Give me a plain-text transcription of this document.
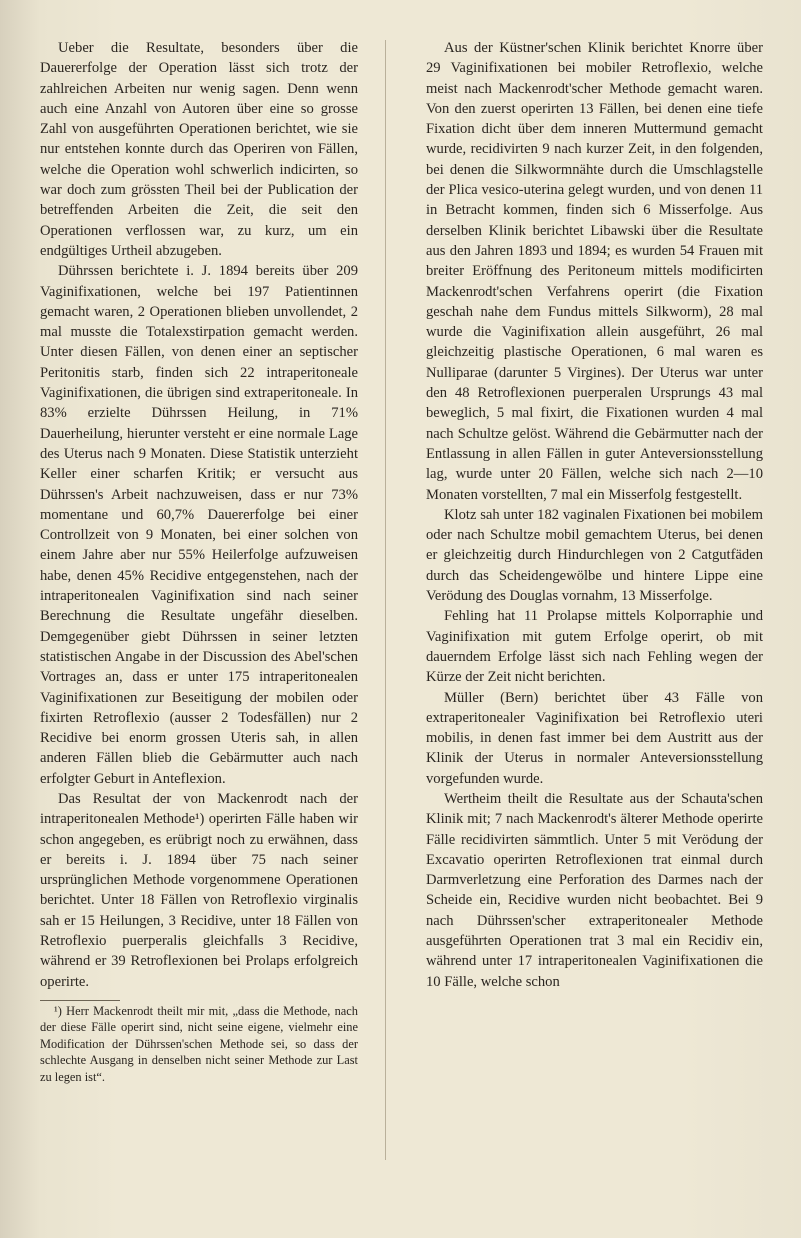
Ueber die Resultate, besonders über die Dauererfolge der Operation lässt sich trotz der zahlreichen Arbeiten nur wenig sagen. Denn wenn auch eine Anzahl von Autoren über eine so grosse Zahl von ausgeführten Operationen berichtet, wie sie nur entstehen konnte durch das Operiren von Fällen, welche die Operation wohl schwerlich indicirten, so war doch zum grössten Theil bei der Publication der betreffenden Arbeiten die Zeit, die seit den Operationen verflossen war, zu kurz, um ein endgültiges Urtheil abzugeben.

Dührssen berichtete i. J. 1894 bereits über 209 Vaginifixationen, welche bei 197 Patientinnen gemacht waren, 2 Operationen blieben unvollendet, 2 mal musste die Totalexstirpation gemacht werden. Unter diesen Fällen, von denen einer an septischer Peritonitis starb, finden sich 22 intraperitoneale Vaginifixationen, die übrigen sind extraperitoneale. In 83% erzielte Dührssen Heilung, in 71% Dauerheilung, hierunter versteht er eine normale Lage des Uterus nach 9 Monaten. Diese Statistik unterzieht Keller einer scharfen Kritik; er versucht aus Dührssen's Arbeit nachzuweisen, dass er nur 73% momentane und 60,7% Dauererfolge bei einer Controllzeit von 9 Monaten, bei einer solchen von einem Jahre aber nur 55% Heilerfolge aufzuweisen habe, denen 45% Recidive entgegenstehen, nach der intraperitonealen Vaginifixation sind nach seiner Berechnung die Resultate ungefähr dieselben. Demgegenüber giebt Dührssen in seiner letzten statistischen Angabe in der Discussion des Abel'schen Vortrages an, dass er unter 175 intraperitonealen Vaginifixationen zur Beseitigung der mobilen oder fixirten Retroflexio (ausser 2 Todesfällen) nur 2 Recidive bei enorm grossen Uteris sah, in allen anderen Fällen blieb die Gebärmutter auch nach erfolgter Geburt in Anteflexion.

Das Resultat der von Mackenrodt nach der intraperitonealen Methode¹) operirten Fälle haben wir schon angegeben, es erübrigt noch zu erwähnen, dass er bereits i. J. 1894 über 75 nach seiner ursprünglichen Methode vorgenommene Operationen berichtet. Unter 18 Fällen von Retroflexio virginalis sah er 15 Heilungen, 3 Recidive, unter 18 Fällen von Retroflexio puerperalis gleichfalls 3 Recidive, während er 39 Retroflexionen bei Prolaps erfolgreich operirte.

¹) Herr Mackenrodt theilt mir mit, „dass die Methode, nach der diese Fälle operirt sind, nicht seine eigene, vielmehr eine Modification der Dührssen'schen Methode sei, so dass der schlechte Ausgang in denselben nicht seiner Methode zur Last zu legen ist“.

Aus der Küstner'schen Klinik berichtet Knorre über 29 Vaginifixationen bei mobiler Retroflexio, welche meist nach Mackenrodt'scher Methode gemacht waren. Von den zuerst operirten 13 Fällen, bei denen eine tiefe Fixation dicht über dem inneren Muttermund gemacht wurde, recidivirten 9 nach kurzer Zeit, in den folgenden, bei denen die Silkwormnähte durch die Umschlagstelle der Plica vesico-uterina gelegt wurden, und von denen 11 in Betracht kommen, finden sich 6 Misserfolge. Aus derselben Klinik berichtet Libawski über die Resultate aus den Jahren 1893 und 1894; es wurden 54 Frauen mit breiter Eröffnung des Peritoneum mittels modificirten Mackenrodt'schen Verfahrens operirt (die Fixation geschah nahe dem Fundus mittels Silkworm), 28 mal wurde die Vaginifixation allein ausgeführt, 26 mal gleichzeitig plastische Operationen, 6 mal waren es Nulliparae (darunter 5 Virgines). Der Uterus war unter den 48 Retroflexionen puerperalen Ursprungs 43 mal beweglich, 5 mal fixirt, die Fixationen wurden 4 mal nach Schultze gelöst. Während die Gebärmutter nach der Entlassung in allen Fällen in guter Anteversionsstellung lag, wurde unter 20 Fällen, welche sich nach 2—10 Monaten vorstellten, 7 mal ein Misserfolg festgestellt.

Klotz sah unter 182 vaginalen Fixationen bei mobilem oder nach Schultze mobil gemachtem Uterus, bei denen er gleichzeitig durch Hindurchlegen von 2 Catgutfäden durch das Scheidengewölbe und hintere Lippe eine Verödung des Douglas vornahm, 13 Misserfolge.

Fehling hat 11 Prolapse mittels Kolporraphie und Vaginifixation mit gutem Erfolge operirt, ob mit dauerndem Erfolge lässt sich nach Fehling wegen der Kürze der Zeit nicht berichten.

Müller (Bern) berichtet über 43 Fälle von extraperitonealer Vaginifixation bei Retroflexio uteri mobilis, in denen fast immer bei dem Austritt aus der Klinik der Uterus in normaler Anteversionsstellung vorgefunden wurde.

Wertheim theilt die Resultate aus der Schauta'schen Klinik mit; 7 nach Mackenrodt's älterer Methode operirte Fälle recidivirten sämmtlich. Unter 5 mit Verödung der Excavatio operirten Retroflexionen trat einmal durch Darmverletzung eine Perforation des Darmes nach der Scheide ein, Recidive wurden nicht beobachtet. Bei 9 nach Dührssen'scher extraperitonealer Methode ausgeführten Operationen trat 3 mal ein Recidiv ein, während unter 17 intraperitonealen Vaginifixationen die 10 Fälle, welche schon
